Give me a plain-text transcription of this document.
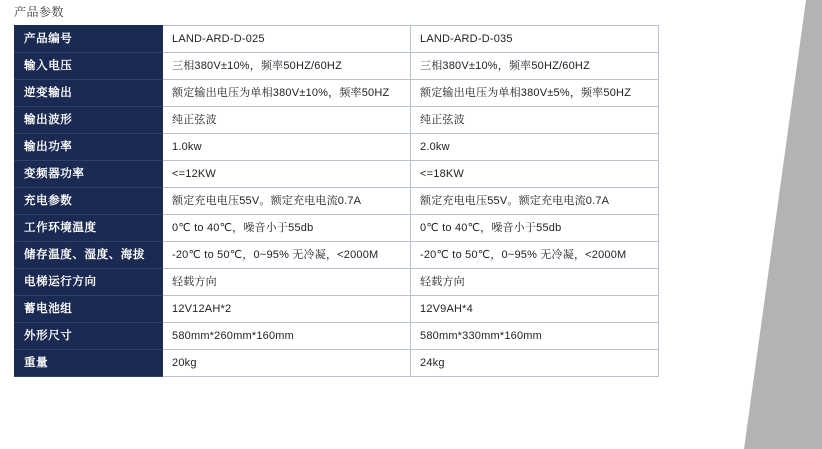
产品参数
产品编号	LAND-ARD-D-025	LAND-ARD-D-035
输入电压	三相380V±10%，频率50HZ/60HZ	三相380V±10%，频率50HZ/60HZ
逆变输出	额定输出电压为单相380V±10%，频率50HZ	额定输出电压为单相380V±5%，频率50HZ
输出波形	纯正弦波	纯正弦波
输出功率	1.0kw	2.0kw
变频器功率	<=12KW	<=18KW
充电参数	额定充电电压55V。额定充电电流0.7A	额定充电电压55V。额定充电电流0.7A
工作环境温度	0℃ to 40℃，噪音小于55db	0℃ to 40℃，噪音小于55db
储存温度、湿度、海拔	-20℃ to 50℃，0~95% 无冷凝，<2000M	-20℃ to 50℃，0~95% 无冷凝，<2000M
电梯运行方向	轻载方向	轻载方向
蓄电池组	12V12AH*2	12V9AH*4
外形尺寸	580mm*260mm*160mm	580mm*330mm*160mm
重量	20kg	24kg
